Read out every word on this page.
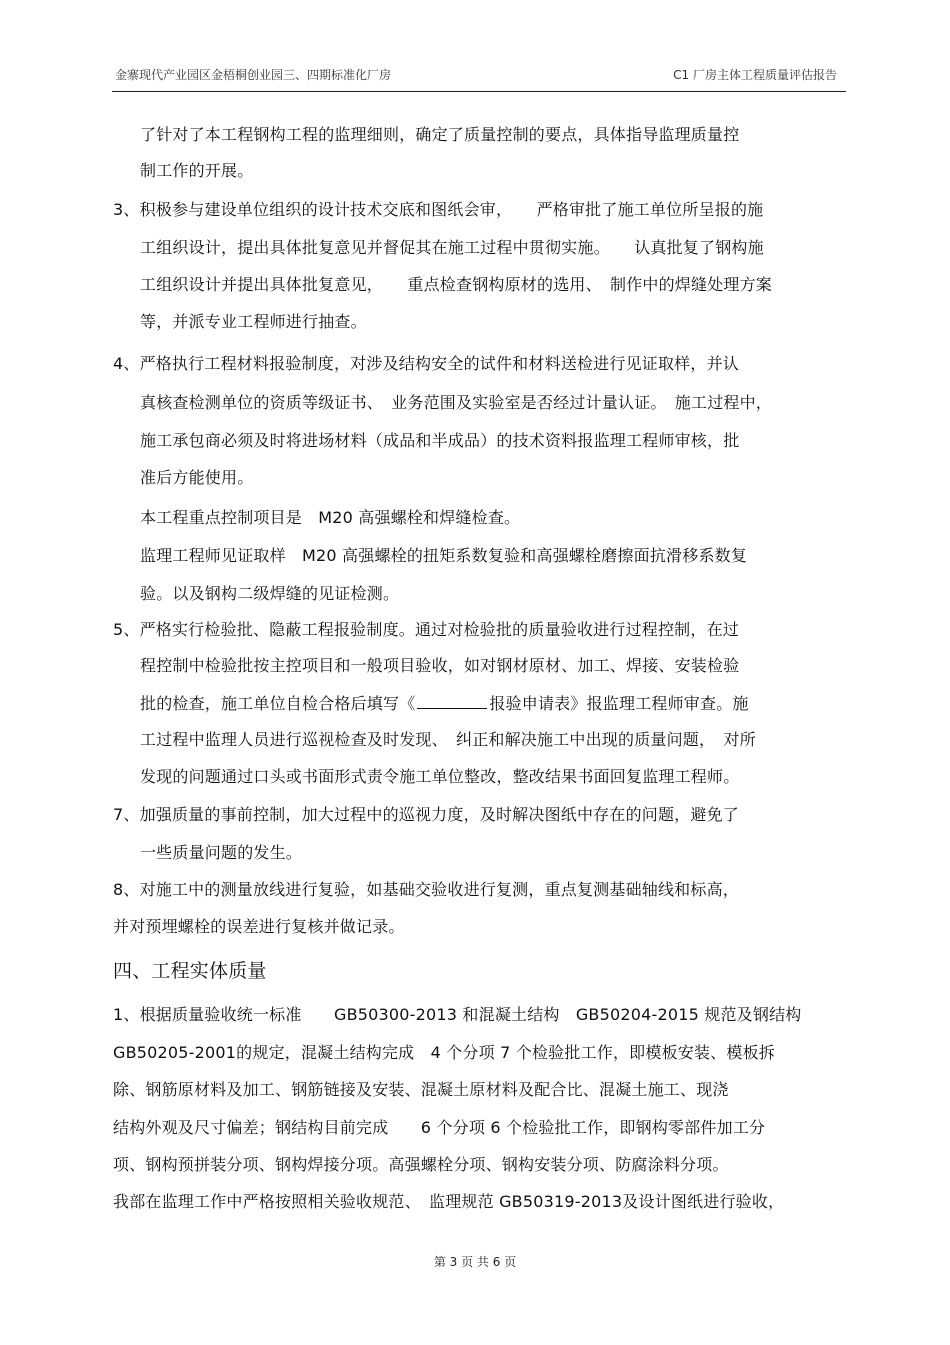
金寨现代产业园区金梧桐创业园三、四期标准化厂房	C1 厂房主体工程质量评估报告
了针对了本工程钢构工程的监理细则，确定了质量控制的要点，具体指导监理质量控
制工作的开展。
3、积极参与建设单位组织的设计技术交底和图纸会审，　　严格审批了施工单位所呈报的施
工组织设计，提出具体批复意见并督促其在施工过程中贯彻实施。　　认真批复了钢构施
工组织设计并提出具体批复意见，　　重点检查钢构原材的选用、　制作中的焊缝处理方案
等，并派专业工程师进行抽查。
4、严格执行工程材料报验制度，对涉及结构安全的试件和材料送检进行见证取样，并认
真核查检测单位的资质等级证书、　业务范围及实验室是否经过计量认证。　施工过程中，
施工承包商必须及时将进场材料（成品和半成品）的技术资料报监理工程师审核，批
准后方能使用。
本工程重点控制项目是　M20 高强螺栓和焊缝检查。
监理工程师见证取样　M20 高强螺栓的扭矩系数复验和高强螺栓磨擦面抗滑移系数复
验。以及钢构二级焊缝的见证检测。
5、严格实行检验批、隐蔽工程报验制度。通过对检验批的质量验收进行过程控制，在过
程控制中检验批按主控项目和一般项目验收，如对钢材原材、加工、焊接、安装检验
批的检查，施工单位自检合格后填写《	报验申请表》报监理工程师审查。施
工过程中监理人员进行巡视检查及时发现、　纠正和解决施工中出现的质量问题，　对所
发现的问题通过口头或书面形式责令施工单位整改，整改结果书面回复监理工程师。
7、加强质量的事前控制，加大过程中的巡视力度，及时解决图纸中存在的问题，避免了
一些质量问题的发生。
8、对施工中的测量放线进行复验，如基础交验收进行复测，重点复测基础轴线和标高，
并对预埋螺栓的误差进行复核并做记录。
四、工程实体质量
1、根据质量验收统一标准　　GB50300-2013 和混凝土结构　GB50204-2015 规范及钢结构
GB50205-2001的规定，混凝土结构完成　4 个分项 7 个检验批工作，即模板安装、模板拆
除、钢筋原材料及加工、钢筋链接及安装、混凝土原材料及配合比、混凝土施工、现浇
结构外观及尺寸偏差；钢结构目前完成　　6 个分项 6 个检验批工作，即钢构零部件加工分
项、钢构预拼装分项、钢构焊接分项。高强螺栓分项、钢构安装分项、防腐涂料分项。
我部在监理工作中严格按照相关验收规范、　监理规范 GB50319-2013及设计图纸进行验收，
第 3 页 共 6 页
